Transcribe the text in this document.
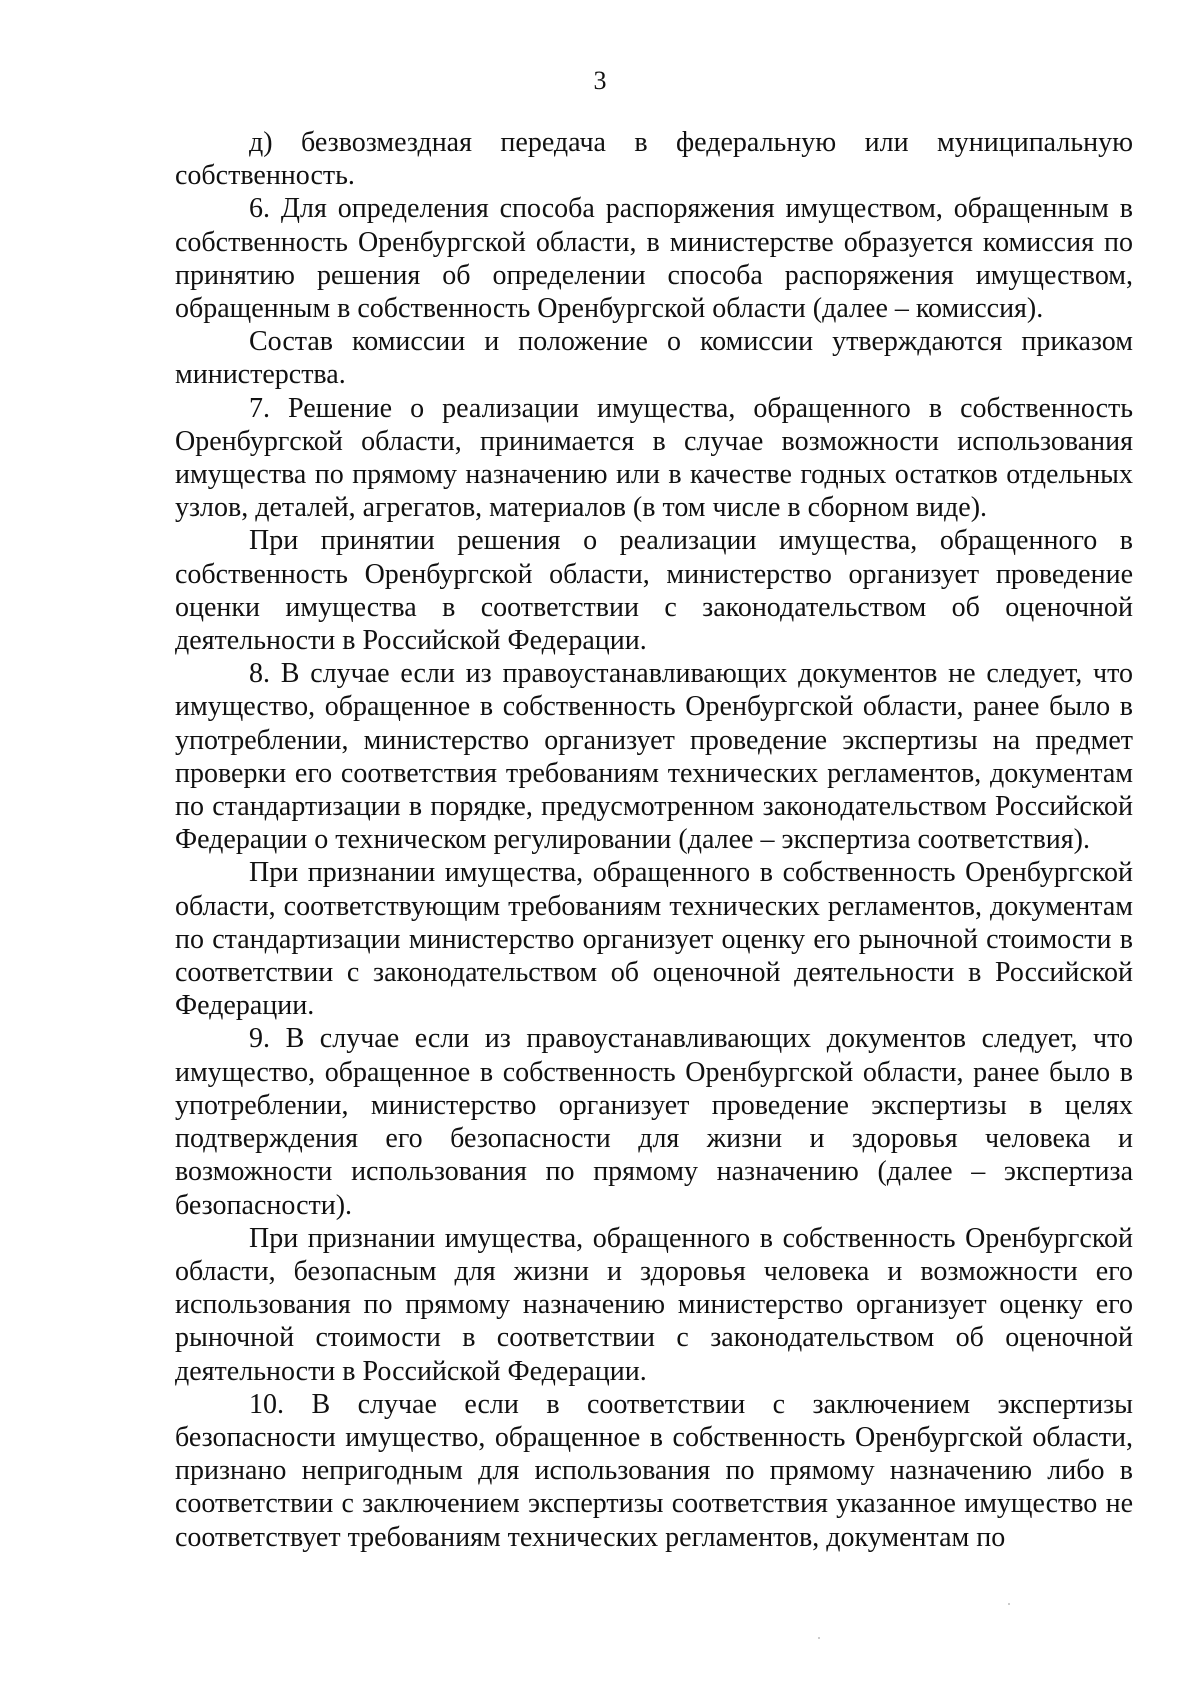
3

д) безвозмездная передача в федеральную или муниципальную собственность.

6. Для определения способа распоряжения имуществом, обращенным в собственность Оренбургской области, в министерстве образуется комиссия по принятию решения об определении способа распоряжения имуществом, обращенным в собственность Оренбургской области (далее – комиссия).

Состав комиссии и положение о комиссии утверждаются приказом министерства.

7. Решение о реализации имущества, обращенного в собственность Оренбургской области, принимается в случае возможности использования имущества по прямому назначению или в качестве годных остатков отдельных узлов, деталей, агрегатов, материалов (в том числе в сборном виде).

При принятии решения о реализации имущества, обращенного в собственность Оренбургской области, министерство организует проведение оценки имущества в соответствии с законодательством об оценочной деятельности в Российской Федерации.

8. В случае если из правоустанавливающих документов не следует, что имущество, обращенное в собственность Оренбургской области, ранее было в употреблении, министерство организует проведение экспертизы на предмет проверки его соответствия требованиям технических регламентов, документам по стандартизации в порядке, предусмотренном законодательством Российской Федерации о техническом регулировании (далее – экспертиза соответствия).

При признании имущества, обращенного в собственность Оренбургской области, соответствующим требованиям технических регламентов, документам по стандартизации министерство организует оценку его рыночной стоимости в соответствии с законодательством об оценочной деятельности в Российской Федерации.

9. В случае если из правоустанавливающих документов следует, что имущество, обращенное в собственность Оренбургской области, ранее было в употреблении, министерство организует проведение экспертизы в целях подтверждения его безопасности для жизни и здоровья человека и возможности использования по прямому назначению (далее – экспертиза безопасности).

При признании имущества, обращенного в собственность Оренбургской области, безопасным для жизни и здоровья человека и возможности его использования по прямому назначению министерство организует оценку его рыночной стоимости в соответствии с законодательством об оценочной деятельности в Российской Федерации.

10. В случае если в соответствии с заключением экспертизы безопасности имущество, обращенное в собственность Оренбургской области, признано непригодным для использования по прямому назначению либо в соответствии с заключением экспертизы соответствия указанное имущество не соответствует требованиям технических регламентов, документам по
